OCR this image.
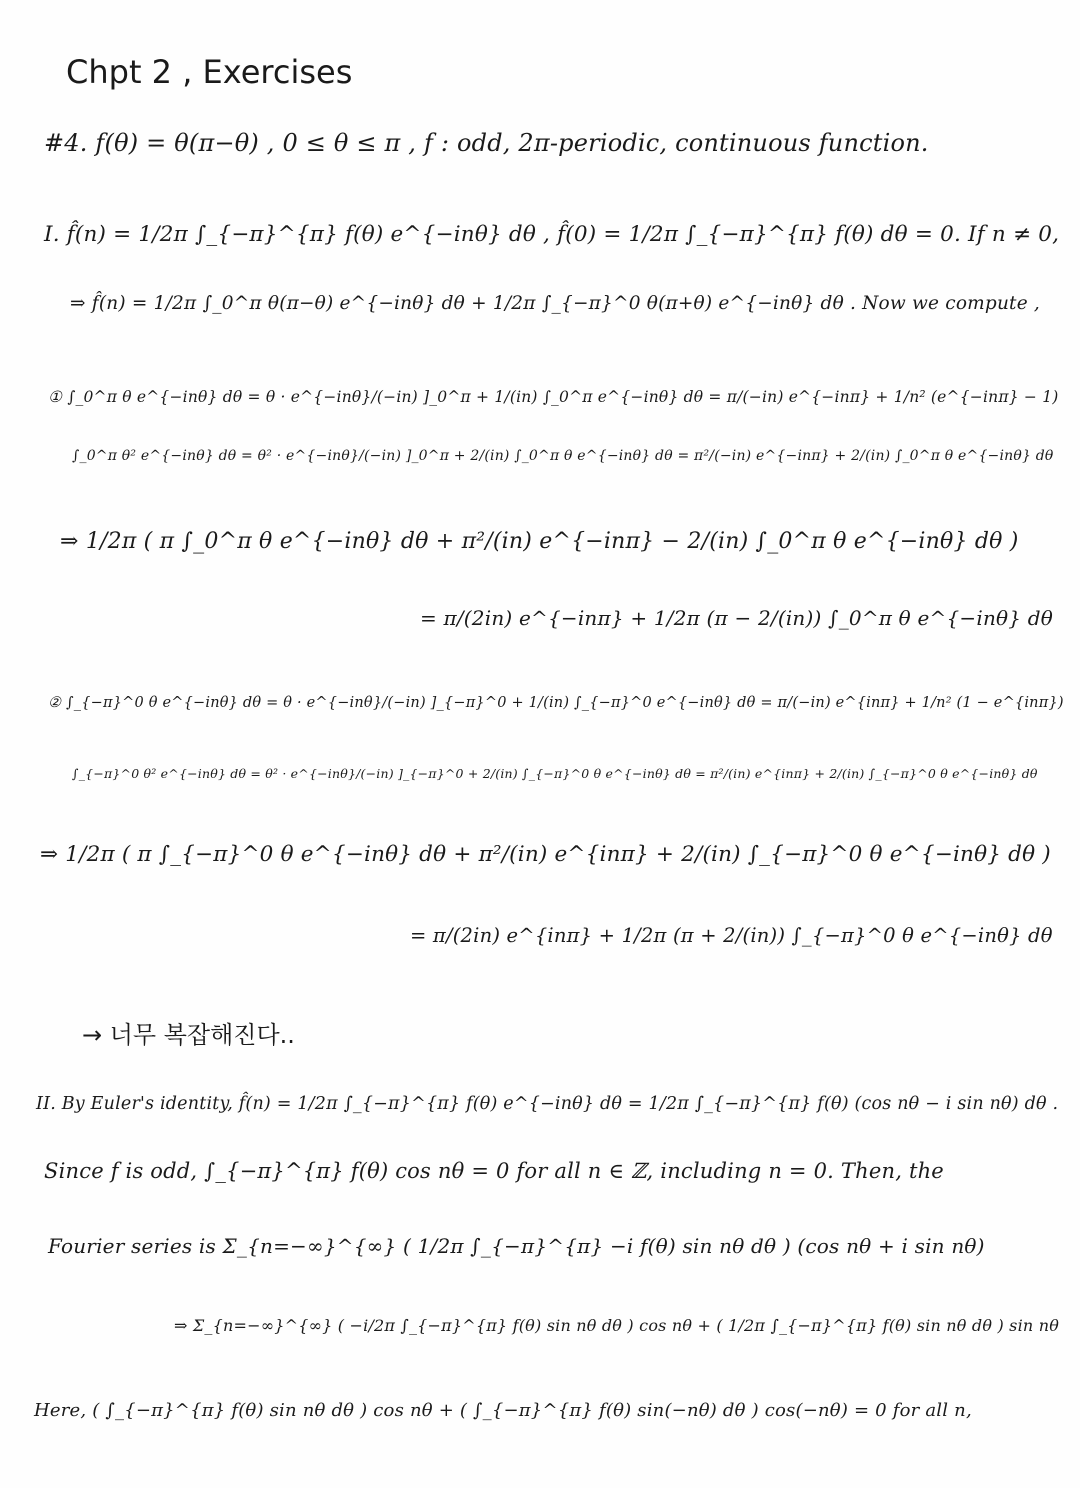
Chpt 2 , Exercises
#4. f(θ) = θ(π−θ) , 0 ≤ θ ≤ π , f : odd, 2π-periodic, continuous function.
I. f̂(n) = 1/2π ∫_{−π}^{π} f(θ) e^{−inθ} dθ , f̂(0) = 1/2π ∫_{−π}^{π} f(θ) dθ = 0. If n ≠ 0,
⇒ f̂(n) = 1/2π ∫_0^π θ(π−θ) e^{−inθ} dθ + 1/2π ∫_{−π}^0 θ(π+θ) e^{−inθ} dθ . Now we compute ,
① ∫_0^π θ e^{−inθ} dθ = θ · e^{−inθ}/(−in) ]_0^π + 1/(in) ∫_0^π e^{−inθ} dθ = π/(−in) e^{−inπ} + 1/n² (e^{−inπ} − 1)
∫_0^π θ² e^{−inθ} dθ = θ² · e^{−inθ}/(−in) ]_0^π + 2/(in) ∫_0^π θ e^{−inθ} dθ = π²/(−in) e^{−inπ} + 2/(in) ∫_0^π θ e^{−inθ} dθ
⇒ 1/2π ( π ∫_0^π θ e^{−inθ} dθ + π²/(in) e^{−inπ} − 2/(in) ∫_0^π θ e^{−inθ} dθ )
= π/(2in) e^{−inπ} + 1/2π (π − 2/(in)) ∫_0^π θ e^{−inθ} dθ
② ∫_{−π}^0 θ e^{−inθ} dθ = θ · e^{−inθ}/(−in) ]_{−π}^0 + 1/(in) ∫_{−π}^0 e^{−inθ} dθ = π/(−in) e^{inπ} + 1/n² (1 − e^{inπ})
∫_{−π}^0 θ² e^{−inθ} dθ = θ² · e^{−inθ}/(−in) ]_{−π}^0 + 2/(in) ∫_{−π}^0 θ e^{−inθ} dθ = π²/(in) e^{inπ} + 2/(in) ∫_{−π}^0 θ e^{−inθ} dθ
⇒ 1/2π ( π ∫_{−π}^0 θ e^{−inθ} dθ + π²/(in) e^{inπ} + 2/(in) ∫_{−π}^0 θ e^{−inθ} dθ )
= π/(2in) e^{inπ} + 1/2π (π + 2/(in)) ∫_{−π}^0 θ e^{−inθ} dθ
→ 너무 복잡해진다..
II. By Euler's identity, f̂(n) = 1/2π ∫_{−π}^{π} f(θ) e^{−inθ} dθ = 1/2π ∫_{−π}^{π} f(θ) (cos nθ − i sin nθ) dθ .
Since f is odd, ∫_{−π}^{π} f(θ) cos nθ = 0 for all n ∈ ℤ, including n = 0. Then, the
Fourier series is Σ_{n=−∞}^{∞} ( 1/2π ∫_{−π}^{π} −i f(θ) sin nθ dθ ) (cos nθ + i sin nθ)
⇒ Σ_{n=−∞}^{∞} ( −i/2π ∫_{−π}^{π} f(θ) sin nθ dθ ) cos nθ + ( 1/2π ∫_{−π}^{π} f(θ) sin nθ dθ ) sin nθ
Here, ( ∫_{−π}^{π} f(θ) sin nθ dθ ) cos nθ + ( ∫_{−π}^{π} f(θ) sin(−nθ) dθ ) cos(−nθ) = 0 for all n,
